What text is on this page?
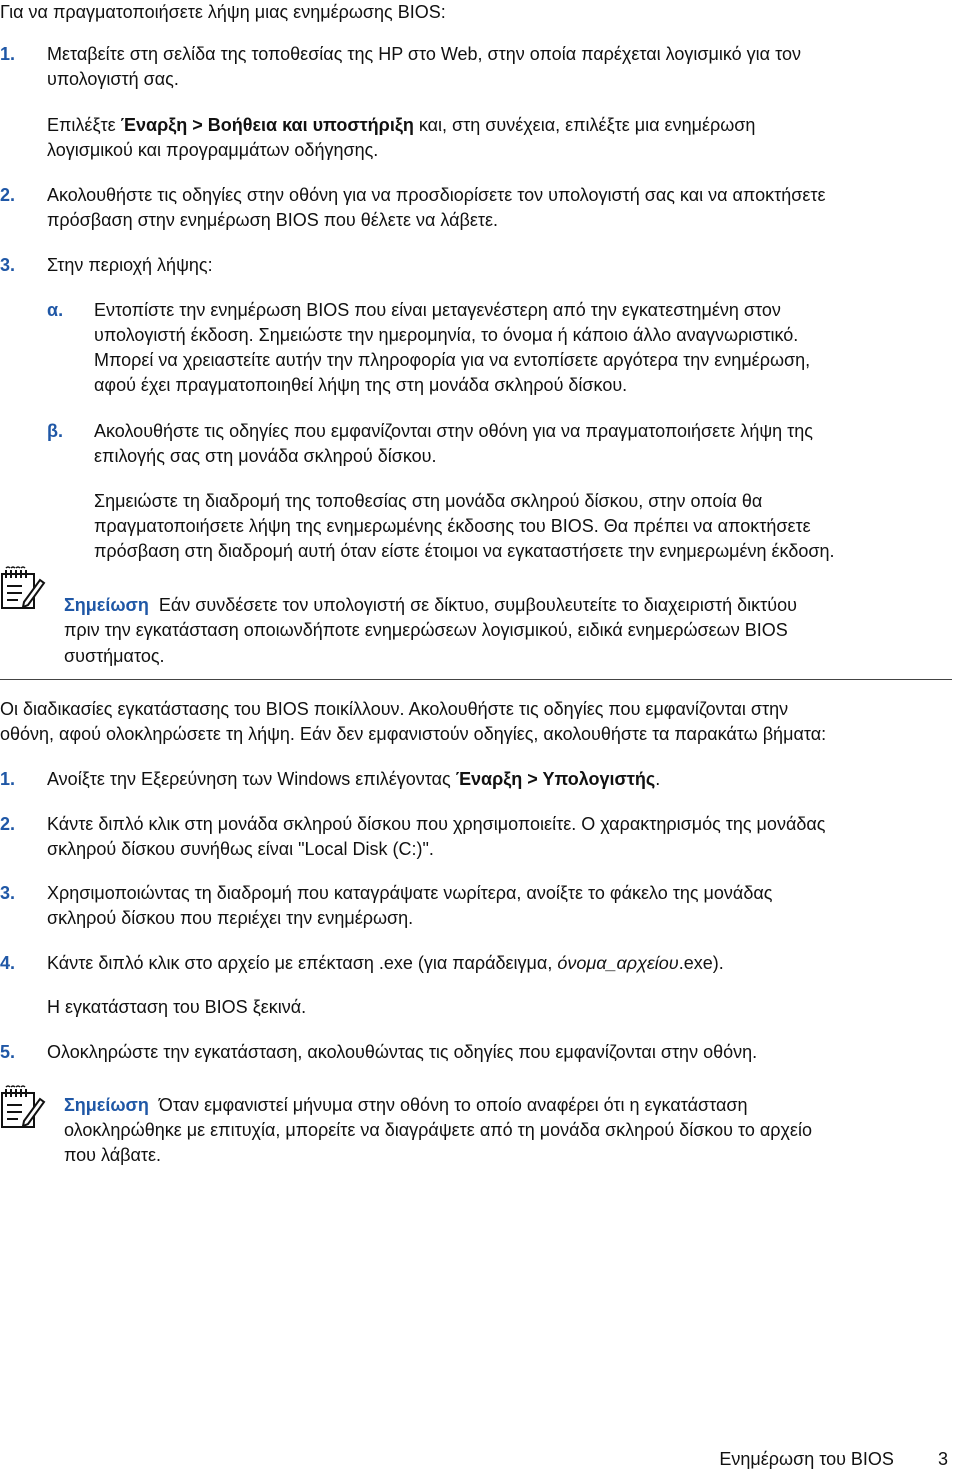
Για να πραγματοποιήσετε λήψη μιας ενημέρωσης BIOS:

1. Μεταβείτε στη σελίδα της τοποθεσίας της HP στο Web, στην οποία παρέχεται λογισμικό για τον

υπολογιστή σας.

Επιλέξτε Έναρξη > Βοήθεια και υποστήριξη και, στη συνέχεια, επιλέξτε μια ενημέρωση

λογισμικού και προγραμμάτων οδήγησης.

2. Ακολουθήστε τις οδηγίες στην οθόνη για να προσδιορίσετε τον υπολογιστή σας και να αποκτήσετε

πρόσβαση στην ενημέρωση BIOS που θέλετε να λάβετε.

3. Στην περιοχή λήψης:

α. Εντοπίστε την ενημέρωση BIOS που είναι μεταγενέστερη από την εγκατεστημένη στον

υπολογιστή έκδοση. Σημειώστε την ημερομηνία, το όνομα ή κάποιο άλλο αναγνωριστικό.

Μπορεί να χρειαστείτε αυτήν την πληροφορία για να εντοπίσετε αργότερα την ενημέρωση,

αφού έχει πραγματοποιηθεί λήψη της στη μονάδα σκληρού δίσκου.

β. Ακολουθήστε τις οδηγίες που εμφανίζονται στην οθόνη για να πραγματοποιήσετε λήψη της

επιλογής σας στη μονάδα σκληρού δίσκου.

Σημειώστε τη διαδρομή της τοποθεσίας στη μονάδα σκληρού δίσκου, στην οποία θα

πραγματοποιήσετε λήψη της ενημερωμένης έκδοσης του BIOS. Θα πρέπει να αποκτήσετε

πρόσβαση στη διαδρομή αυτή όταν είστε έτοιμοι να εγκαταστήσετε την ενημερωμένη έκδοση.

Σημείωση Εάν συνδέσετε τον υπολογιστή σε δίκτυο, συμβουλευτείτε το διαχειριστή δικτύου

πριν την εγκατάσταση οποιωνδήποτε ενημερώσεων λογισμικού, ειδικά ενημερώσεων BIOS

συστήματος.

Οι διαδικασίες εγκατάστασης του BIOS ποικίλλουν. Ακολουθήστε τις οδηγίες που εμφανίζονται στην

οθόνη, αφού ολοκληρώσετε τη λήψη. Εάν δεν εμφανιστούν οδηγίες, ακολουθήστε τα παρακάτω βήματα:

1. Ανοίξτε την Εξερεύνηση των Windows επιλέγοντας Έναρξη > Υπολογιστής.

2. Κάντε διπλό κλικ στη μονάδα σκληρού δίσκου που χρησιμοποιείτε. Ο χαρακτηρισμός της μονάδας

σκληρού δίσκου συνήθως είναι "Local Disk (C:)".

3. Χρησιμοποιώντας τη διαδρομή που καταγράψατε νωρίτερα, ανοίξτε το φάκελο της μονάδας

σκληρού δίσκου που περιέχει την ενημέρωση.

4. Κάντε διπλό κλικ στο αρχείο με επέκταση .exe (για παράδειγμα, όνομα_αρχείου.exe).

Η εγκατάσταση του BIOS ξεκινά.

5. Ολοκληρώστε την εγκατάσταση, ακολουθώντας τις οδηγίες που εμφανίζονται στην οθόνη.

Σημείωση Όταν εμφανιστεί μήνυμα στην οθόνη το οποίο αναφέρει ότι η εγκατάσταση

ολοκληρώθηκε με επιτυχία, μπορείτε να διαγράψετε από τη μονάδα σκληρού δίσκου το αρχείο

που λάβατε.

Ενημέρωση του BIOS 3
